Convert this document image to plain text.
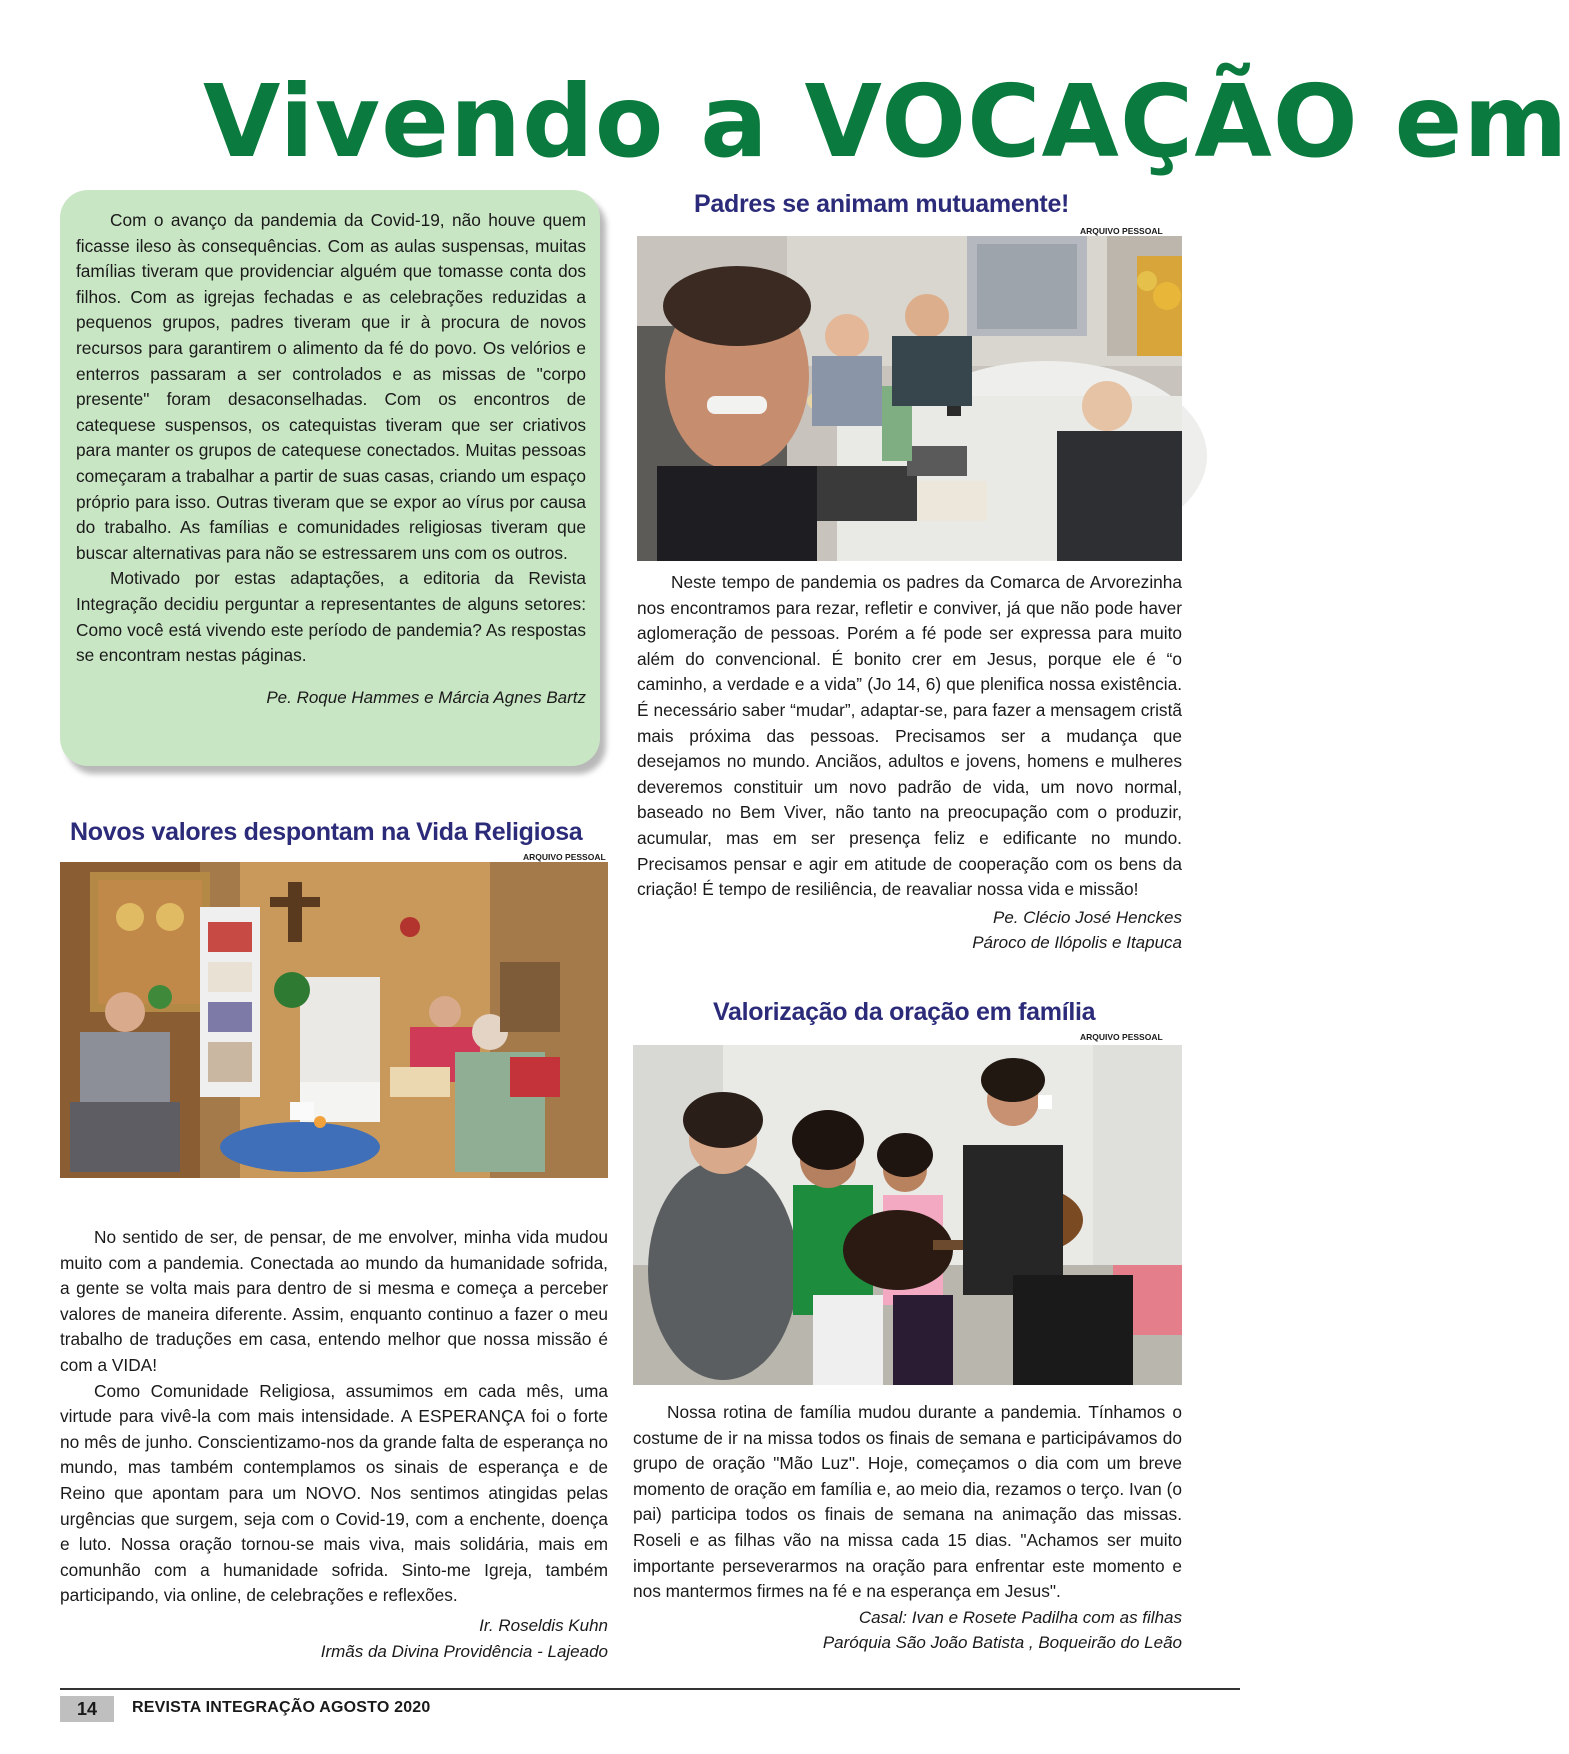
Vivendo a VOCAÇÃO em

Com o avanço da pandemia da Covid-19, não houve quem ficasse ileso às consequências. Com as aulas suspensas, muitas famílias tiveram que providenciar alguém que tomasse conta dos filhos. Com as igrejas fechadas e as celebrações reduzidas a pequenos grupos, padres tiveram que ir à procura de novos recursos para garantirem o alimento da fé do povo. Os velórios e enterros passaram a ser controlados e as missas de "corpo presente" foram desaconselhadas. Com os encontros de catequese suspensos, os catequistas tiveram que ser criativos para manter os grupos de catequese conectados. Muitas pessoas começaram a trabalhar a partir de suas casas, criando um espaço próprio para isso. Outras tiveram que se expor ao vírus por causa do trabalho. As famílias e comunidades religiosas tiveram que buscar alternativas para não se estressarem uns com os outros.

Motivado por estas adaptações, a editoria da Revista Integração decidiu perguntar a representantes de alguns setores: Como você está vivendo este período de pandemia? As respostas se encontram nestas páginas.

Pe. Roque Hammes e Márcia Agnes Bartz

Padres se animam mutuamente!
ARQUIVO PESSOAL

Neste tempo de pandemia os padres da Comarca de Arvorezinha nos encontramos para rezar, refletir e conviver, já que não pode haver aglomeração de pessoas. Porém a fé pode ser expressa para muito além do convencional. É bonito crer em Jesus, porque ele é “o caminho, a verdade e a vida” (Jo 14, 6) que plenifica nossa existência. É necessário saber “mudar”, adaptar-se, para fazer a mensagem cristã mais próxima das pessoas. Precisamos ser a mudança que desejamos no mundo. Anciãos, adultos e jovens, homens e mulheres deveremos constituir um novo padrão de vida, um novo normal, baseado no Bem Viver, não tanto na preocupação com o produzir, acumular, mas em ser presença feliz e edificante no mundo. Precisamos pensar e agir em atitude de cooperação com os bens da criação! É tempo de resiliência, de reavaliar nossa vida e missão!

Pe. Clécio José Henckes

Pároco de Ilópolis e Itapuca

Novos valores despontam na Vida Religiosa
ARQUIVO PESSOAL

No sentido de ser, de pensar, de me envolver, minha vida mudou muito com a pandemia. Conectada ao mundo da humanidade sofrida, a gente se volta mais para dentro de si mesma e começa a perceber valores de maneira diferente. Assim, enquanto continuo a fazer o meu trabalho de traduções em casa, entendo melhor que nossa missão é com a VIDA!

Como Comunidade Religiosa, assumimos em cada mês, uma virtude para vivê-la com mais intensidade. A ESPERANÇA foi o forte no mês de junho. Conscientizamo-nos da grande falta de esperança no mundo, mas também contemplamos os sinais de esperança e de Reino que apontam para um NOVO. Nos sentimos atingidas pelas urgências que surgem, seja com o Covid-19, com a enchente, doença e luto. Nossa oração tornou-se mais viva, mais solidária, mais em comunhão com a humanidade sofrida. Sinto-me Igreja, também participando, via online, de celebrações e reflexões.

Ir. Roseldis Kuhn

Irmãs da Divina Providência - Lajeado

Valorização da oração em família
ARQUIVO PESSOAL

Nossa rotina de família mudou durante a pandemia. Tínhamos o costume de ir na missa todos os finais de semana e participávamos do grupo de oração "Mão Luz". Hoje, começamos o dia com um breve momento de oração em família e, ao meio dia, rezamos o terço. Ivan (o pai) participa todos os finais de semana na animação das missas. Roseli e as filhas vão na missa cada 15 dias. "Achamos ser muito importante perseverarmos na oração para enfrentar este momento e nos mantermos firmes na fé e na esperança em Jesus".

Casal: Ivan e Rosete Padilha com as filhas

Paróquia São João Batista , Boqueirão do Leão

14	REVISTA INTEGRAÇÃO AGOSTO 2020
